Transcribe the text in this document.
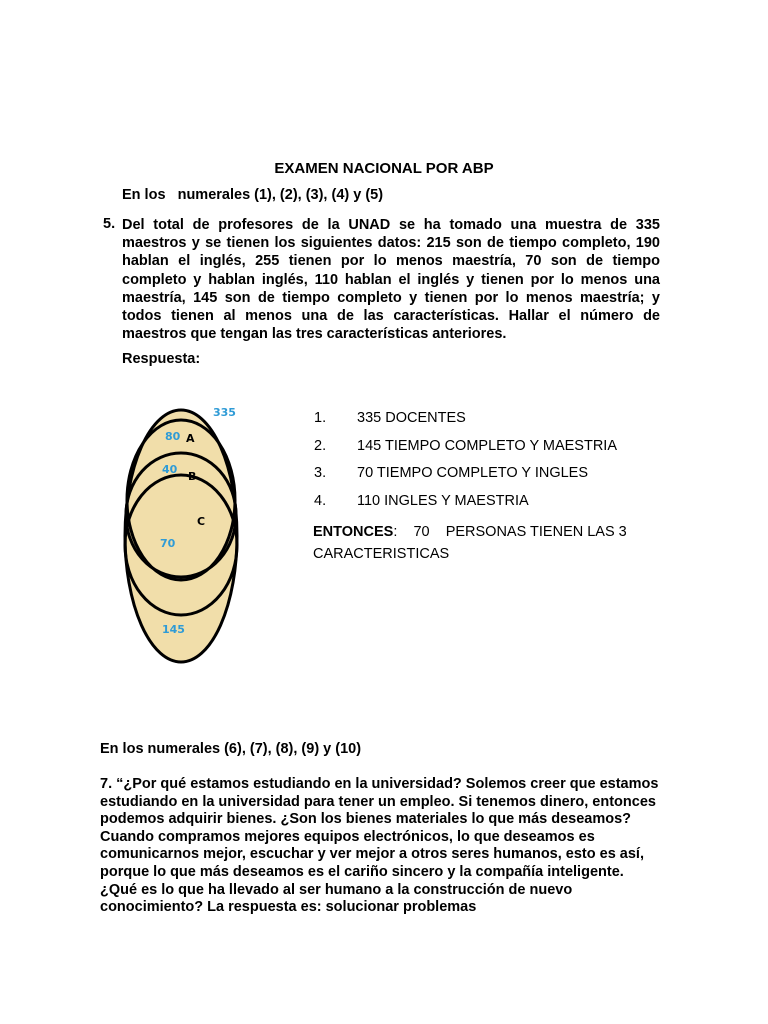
EXAMEN NACIONAL POR ABP
En los   numerales (1), (2), (3), (4) y (5)
5. Del total de profesores de la UNAD se ha tomado una muestra de 335 maestros y se tienen los siguientes datos: 215 son de tiempo completo, 190 hablan el inglés, 255 tienen por lo menos maestría, 70 son de tiempo completo y hablan inglés, 110 hablan el inglés y tienen por lo menos una maestría, 145 son de tiempo completo y tienen por lo menos maestría; y todos tienen al menos una de las características. Hallar el número de maestros que tengan las tres características anteriores.
Respuesta:
335
80 A
40
B
C
70
145
1.	335 DOCENTES
2.	145 TIEMPO COMPLETO Y MAESTRIA
3.	70 TIEMPO COMPLETO Y INGLES
4.	110 INGLES Y MAESTRIA
ENTONCES:    70    PERSONAS TIENEN LAS 3 CARACTERISTICAS
En los numerales (6), (7), (8), (9) y (10)
7. “¿Por qué estamos estudiando en la universidad? Solemos creer que estamos estudiando en la universidad para tener un empleo. Si tenemos dinero, entonces podemos adquirir bienes. ¿Son los bienes materiales lo que más deseamos? Cuando compramos mejores equipos electrónicos, lo que deseamos es comunicarnos mejor, escuchar y ver mejor a otros seres humanos, esto es así, porque lo que más deseamos es el cariño sincero y la compañía inteligente. ¿Qué es lo que ha llevado al ser humano a la construcción de nuevo conocimiento? La respuesta es: solucionar problemas
